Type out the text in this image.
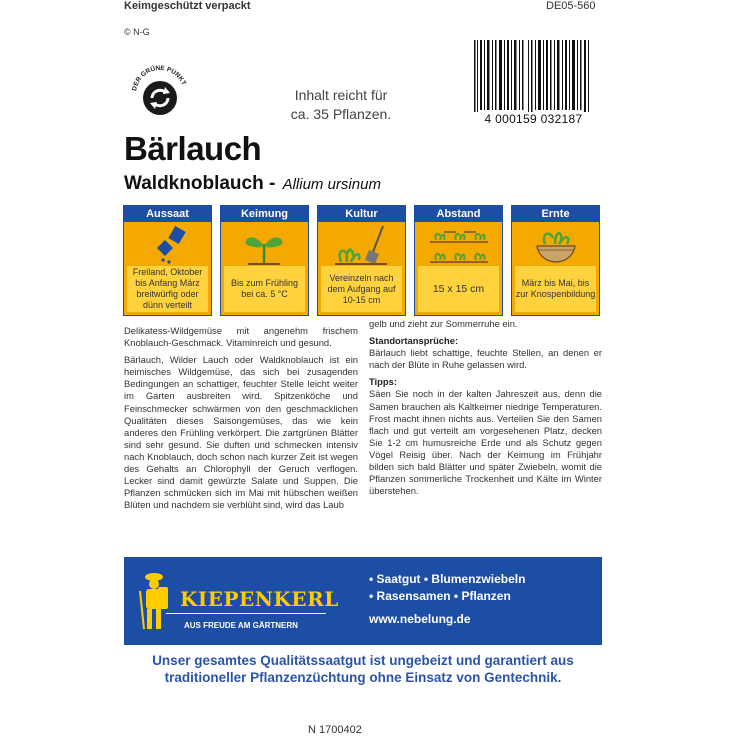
Keimgeschützt verpackt	DE05-560
© N-G
DER GRÜNE PUNKT
Inhalt reicht für
ca. 35 Pflanzen.	4 000159 032187
Bärlauch
Waldknoblauch - Allium ursinum
Aussaat
Freiland, Oktober bis Anfang März breitwürfig oder dünn verteilt
Keimung
Bis zum Frühling bei ca. 5 °C
Kultur
Vereinzeln nach dem Aufgang auf 10-15 cm
Abstand
15 x 15 cm
Ernte
März bis Mai, bis zur Knospenbildung

Delikatess-Wildgemüse mit angenehm frischem Knoblauch-Geschmack. Vitaminreich und gesund.

Bärlauch, Wilder Lauch oder Waldknoblauch ist ein heimisches Wildgemüse, das sich bei zusagenden Bedingungen an schattiger, feuchter Stelle leicht weiter im Garten ausbreiten wird. Spitzenköche und Feinschmecker schwärmen von den geschmacklichen Qualitäten dieses Saisongemüses, das wie kein anderes den Frühling verkörpert. Die zartgrünen Blätter sind sehr gesund. Sie duften und schmecken intensiv nach Knoblauch, doch schon nach kurzer Zeit ist wegen des Gehalts an Chlorophyll der Geruch verflogen. Lecker sind damit gewürzte Salate und Suppen. Die Pflanzen schmücken sich im Mai mit hübschen weißen Blüten und nachdem sie verblüht sind, wird das Laub

gelb und zieht zur Sommerruhe ein.

Standortansprüche:

Bärlauch liebt schattige, feuchte Stellen, an denen er nach der Blüte in Ruhe gelassen wird.

Tipps:

Säen Sie noch in der kalten Jahreszeit aus, denn die Samen brauchen als Kaltkeimer niedrige Temperaturen. Frost macht ihnen nichts aus. Verteilen Sie den Samen flach und gut verteilt am vorgesehenen Platz, decken Sie 1-2 cm humusreiche Erde und als Schutz gegen Vögel Reisig über. Nach der Keimung im Frühjahr bilden sich bald Blätter und später Zwiebeln, womit die Pflanzen sommerliche Trockenheit und Kälte im Winter überstehen.

KIEPENKERL
AUS FREUDE AM GÄRTNERN
• Saatgut • Blumenzwiebeln
• Rasensamen • Pflanzen
www.nebelung.de
Unser gesamtes Qualitätssaatgut ist ungebeizt und garantiert aus traditioneller Pflanzenzüchtung ohne Einsatz von Gentechnik.
N 1700402
